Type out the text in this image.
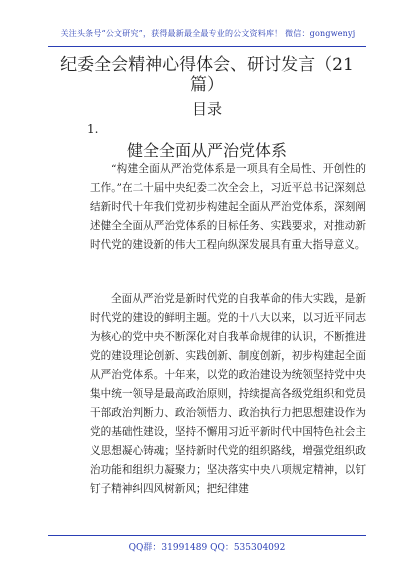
关注头条号“公文研究”，获得最新最全最专业的公文资料库！ 微信：gongwenyj
纪委全会精神心得体会、研讨发言（21篇）
目录
1.
健全全面从严治党体系

“构建全面从严治党体系是一项具有全局性、开创性的工作。”在二十届中央纪委二次全会上，习近平总书记深刻总结新时代十年我们党初步构建起全面从严治党体系，深刻阐述健全全面从严治党体系的目标任务、实践要求，对推动新时代党的建设新的伟大工程向纵深发展具有重大指导意义。

全面从严治党是新时代党的自我革命的伟大实践，是新时代党的建设的鲜明主题。党的十八大以来，以习近平同志为核心的党中央不断深化对自我革命规律的认识，不断推进党的建设理论创新、实践创新、制度创新，初步构建起全面从严治党体系。十年来，以党的政治建设为统领坚持党中央集中统一领导是最高政治原则，持续提高各级党组织和党员干部政治判断力、政治领悟力、政治执行力把思想建设作为党的基础性建设，坚持不懈用习近平新时代中国特色社会主义思想凝心铸魂；坚持新时代党的组织路线，增强党组织政治功能和组织力凝聚力；坚决落实中央八项规定精神，以钉钉子精神纠四风树新风；把纪律建

QQ群：31991489 QQ：535304092
